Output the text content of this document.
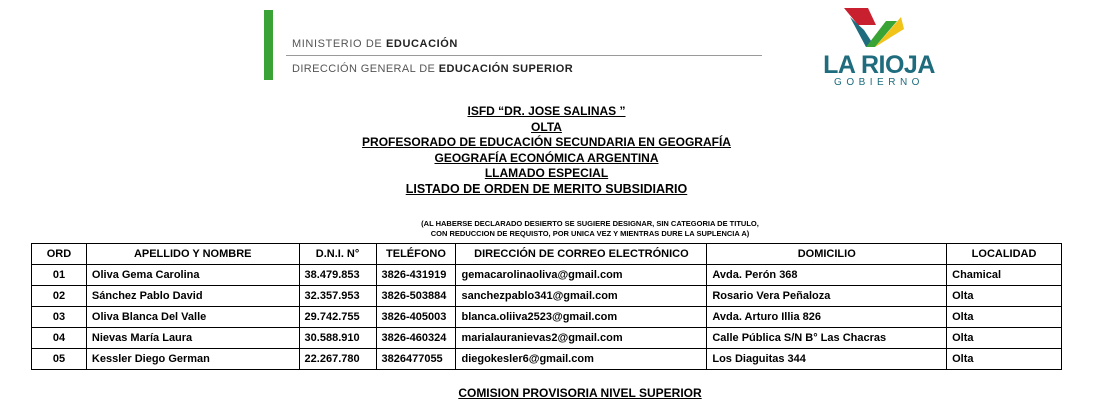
MINISTERIO DE EDUCACIÓN
DIRECCIÓN GENERAL DE EDUCACIÓN SUPERIOR	LA RIOJA
GOBIERNO
ISFD “DR. JOSE SALINAS ”
OLTA
PROFESORADO DE EDUCACIÓN SECUNDARIA EN GEOGRAFÍA
GEOGRAFÍA ECONÓMICA ARGENTINA
LLAMADO ESPECIAL
LISTADO DE ORDEN DE MERITO SUBSIDIARIO
(AL HABERSE DECLARADO DESIERTO SE SUGIERE DESIGNAR, SIN CATEGORIA DE TITULO,
CON REDUCCION DE REQUISTO, POR UNICA VEZ Y MIENTRAS DURE LA SUPLENCIA A)
ORD	APELLIDO Y NOMBRE	D.N.I. N°	TELÉFONO	DIRECCIÓN DE CORREO ELECTRÓNICO	DOMICILIO	LOCALIDAD
01	Oliva Gema Carolina	38.479.853	3826-431919	gemacarolinaoliva@gmail.com	Avda. Perón 368	Chamical
02	Sánchez Pablo David	32.357.953	3826-503884	sanchezpablo341@gmail.com	Rosario Vera Peñaloza	Olta
03	Oliva Blanca Del Valle	29.742.755	3826-405003	blanca.oliiva2523@gmail.com	Avda. Arturo Illia 826	Olta
04	Nievas María Laura	30.588.910	3826-460324	marialauranievas2@gmail.com	Calle Pública S/N B° Las Chacras	Olta
05	Kessler Diego German	22.267.780	3826477055	diegokesler6@gmail.com	Los Diaguitas 344	Olta
COMISION PROVISORIA NIVEL SUPERIOR
